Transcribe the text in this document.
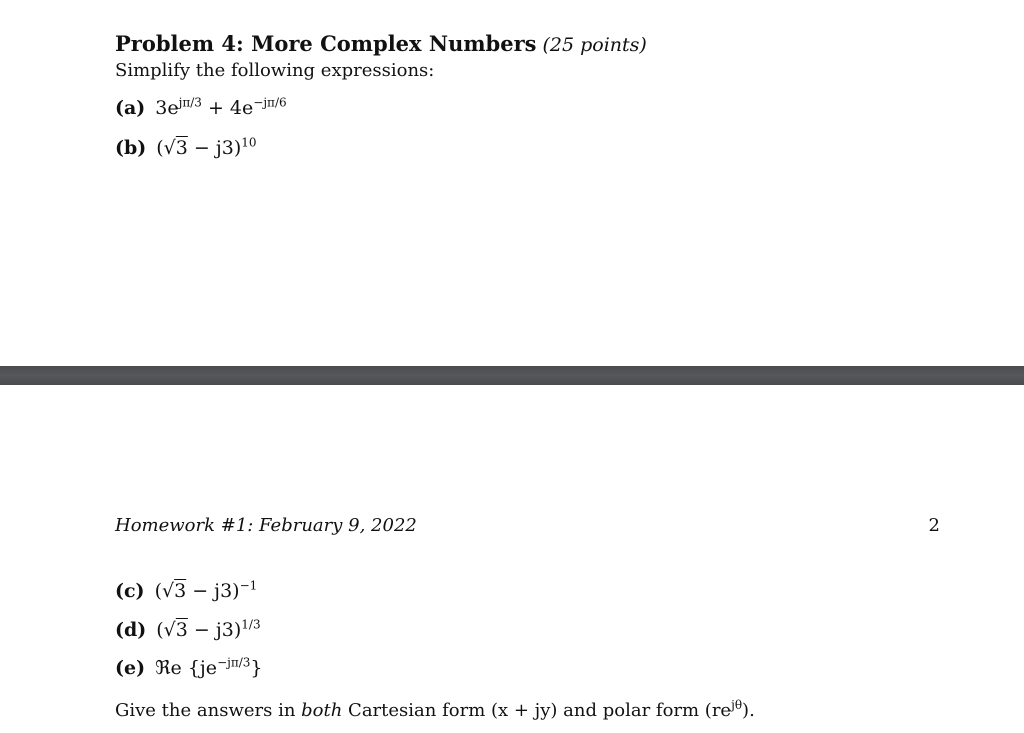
Problem 4: More Complex Numbers (25 points)
Simplify the following expressions:
(a) $3e^{j\pi/3} + 4e^{-j\pi/6}$
(b) $(√3 - j3)^{10}$
Homework #1: February 9, 2022	2
(c) $(√3 - j3)^{-1}$
(d) $(√3 - j3)^{1/3}$
(e) ℜe $\{je^{-j\pi/3}\}$
Give the answers in both Cartesian form (x + jy) and polar form $(re^{j\theta})$.
